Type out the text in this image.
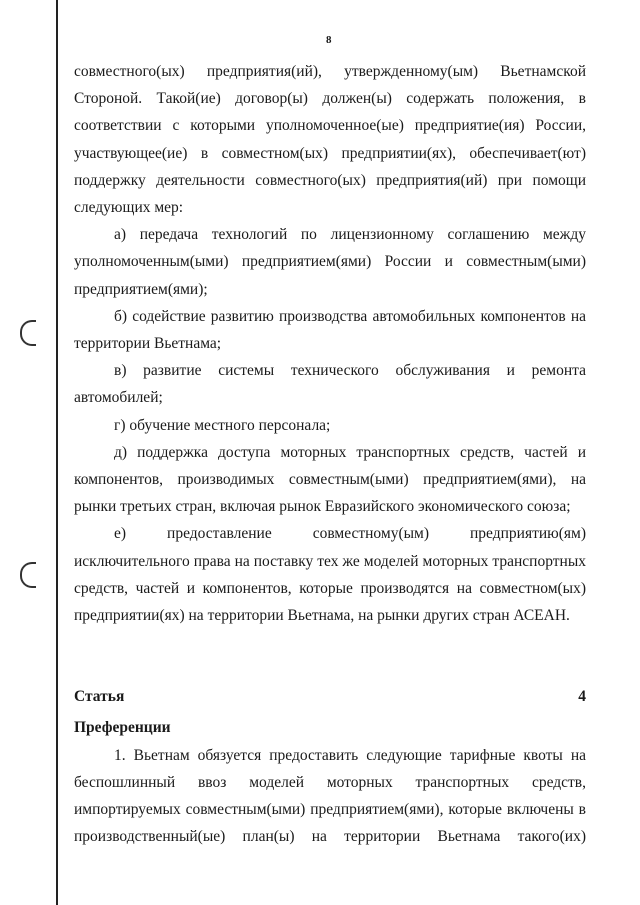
8

совместного(ых) предприятия(ий), утвержденному(ым) Вьетнамской Стороной. Такой(ие) договор(ы) должен(ы) содержать положения, в соответствии с которыми уполномоченное(ые) предприятие(ия) России, участвующее(ие) в совместном(ых) предприятии(ях), обеспечивает(ют) поддержку деятельности совместного(ых) предприятия(ий) при помощи следующих мер:

а) передача технологий по лицензионному соглашению между уполномоченным(ыми) предприятием(ями) России и совместным(ыми) предприятием(ями);

б) содействие развитию производства автомобильных компонентов на территории Вьетнама;

в) развитие системы технического обслуживания и ремонта автомобилей;

г) обучение местного персонала;

д) поддержка доступа моторных транспортных средств, частей и компонентов, производимых совместным(ыми) предприятием(ями), на рынки третьих стран, включая рынок Евразийского экономического союза;

е) предоставление совместному(ым) предприятию(ям) исключительного права на поставку тех же моделей моторных транспортных средств, частей и компонентов, которые производятся на совместном(ых) предприятии(ях) на территории Вьетнама, на рынки других стран АСЕАН.

Статья 4

Преференции

1. Вьетнам обязуется предоставить следующие тарифные квоты на беспошлинный ввоз моделей моторных транспортных средств, импортируемых совместным(ыми) предприятием(ями), которые включены в производственный(ые) план(ы) на территории Вьетнама такого(их)
